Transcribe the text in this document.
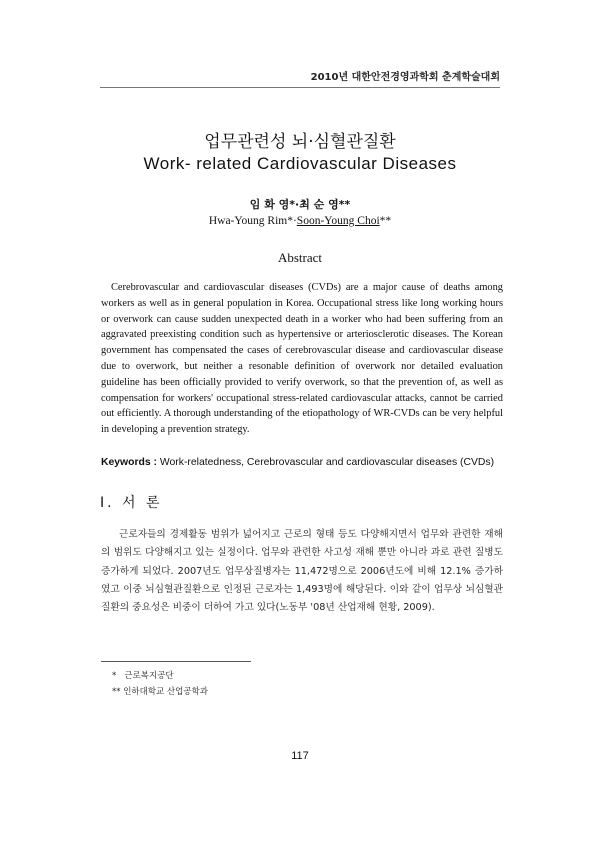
2010년 대한안전경영과학회 춘계학술대회
업무관련성 뇌·심혈관질환
Work- related Cardiovascular Diseases
임 화 영*·최 순 영**
Hwa-Young Rim*·Soon-Young Choi**
Abstract

Cerebrovascular and cardiovascular diseases (CVDs) are a major cause of deaths among workers as well as in general population in Korea. Occupational stress like long working hours or overwork can cause sudden unexpected death in a worker who had been suffering from an aggravated preexisting condition such as hypertensive or arteriosclerotic diseases. The Korean government has compensated the cases of cerebrovascular disease and cardiovascular disease due to overwork, but neither a resonable definition of overwork nor detailed evaluation guideline has been officially provided to verify overwork, so that the prevention of, as well as compensation for workers' occupational stress-related cardiovascular attacks, cannot be carried out efficiently. A thorough understanding of the etiopathology of WR-CVDs can be very helpful in developing a prevention strategy.

Keywords : Work-relatedness, Cerebrovascular and cardiovascular diseases (CVDs)
Ⅰ. 서 론

근로자들의 경제활동 범위가 넓어지고 근로의 형태 등도 다양해지면서 업무와 관련한 재해의 범위도 다양해지고 있는 실정이다. 업무와 관련한 사고성 재해 뿐만 아니라 과로 관련 질병도 증가하게 되었다. 2007년도 업무상질병자는 11,472명으로 2006년도에 비해 12.1% 증가하였고 이중 뇌심혈관질환으로 인정된 근로자는 1,493명에 해당된다. 이와 같이 업무상 뇌심혈관질환의 중요성은 비중이 더하여 가고 있다(노동부 '08년 산업재해 현황, 2009).

* 근로복지공단
** 인하대학교 산업공학과
117
